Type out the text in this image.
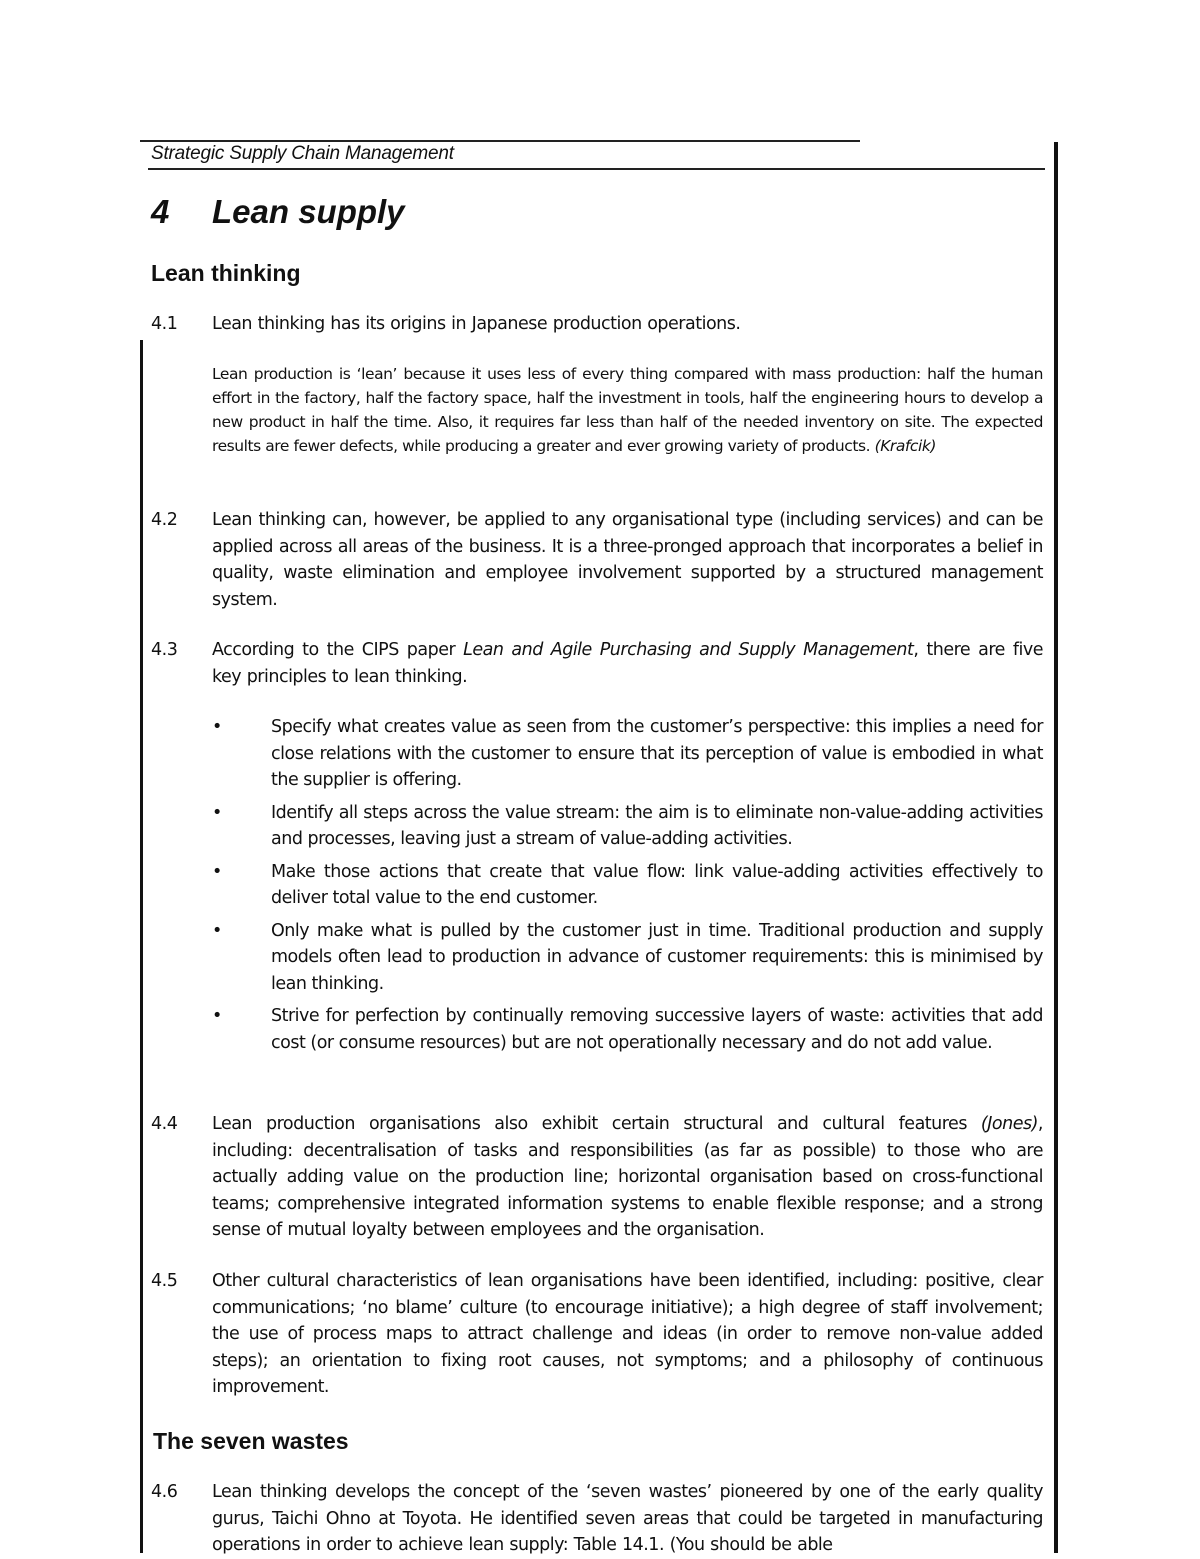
Strategic Supply Chain Management
4 Lean supply
Lean thinking
4.1	Lean thinking has its origins in Japanese production operations.
Lean production is ‘lean’ because it uses less of every thing compared with mass production: half the human effort in the factory, half the factory space, half the investment in tools, half the engineering hours to develop a new product in half the time. Also, it requires far less than half of the needed inventory on site. The expected results are fewer defects, while producing a greater and ever growing variety of products. (Krafcik)
4.2	Lean thinking can, however, be applied to any organisational type (including services) and can be applied across all areas of the business. It is a three-pronged approach that incorporates a belief in quality, waste elimination and employee involvement supported by a structured management system.
4.3	According to the CIPS paper Lean and Agile Purchasing and Supply Management, there are five key principles to lean thinking.
•	Specify what creates value as seen from the customer’s perspective: this implies a need for close relations with the customer to ensure that its perception of value is embodied in what the supplier is offering.
•	Identify all steps across the value stream: the aim is to eliminate non-value-adding activities and processes, leaving just a stream of value-adding activities.
•	Make those actions that create that value flow: link value-adding activities effectively to deliver total value to the end customer.
•	Only make what is pulled by the customer just in time. Traditional production and supply models often lead to production in advance of customer requirements: this is minimised by lean thinking.
•	Strive for perfection by continually removing successive layers of waste: activities that add cost (or consume resources) but are not operationally necessary and do not add value.
4.4	Lean production organisations also exhibit certain structural and cultural features (Jones), including: decentralisation of tasks and responsibilities (as far as possible) to those who are actually adding value on the production line; horizontal organisation based on cross-functional teams; comprehensive integrated information systems to enable flexible response; and a strong sense of mutual loyalty between employees and the organisation.
4.5	Other cultural characteristics of lean organisations have been identified, including: positive, clear communications; ‘no blame’ culture (to encourage initiative); a high degree of staff involvement; the use of process maps to attract challenge and ideas (in order to remove non-value added steps); an orientation to fixing root causes, not symptoms; and a philosophy of continuous improvement.
The seven wastes
4.6	Lean thinking develops the concept of the ‘seven wastes’ pioneered by one of the early quality gurus, Taichi Ohno at Toyota. He identified seven areas that could be targeted in manufacturing operations in order to achieve lean supply: Table 14.1. (You should be able
